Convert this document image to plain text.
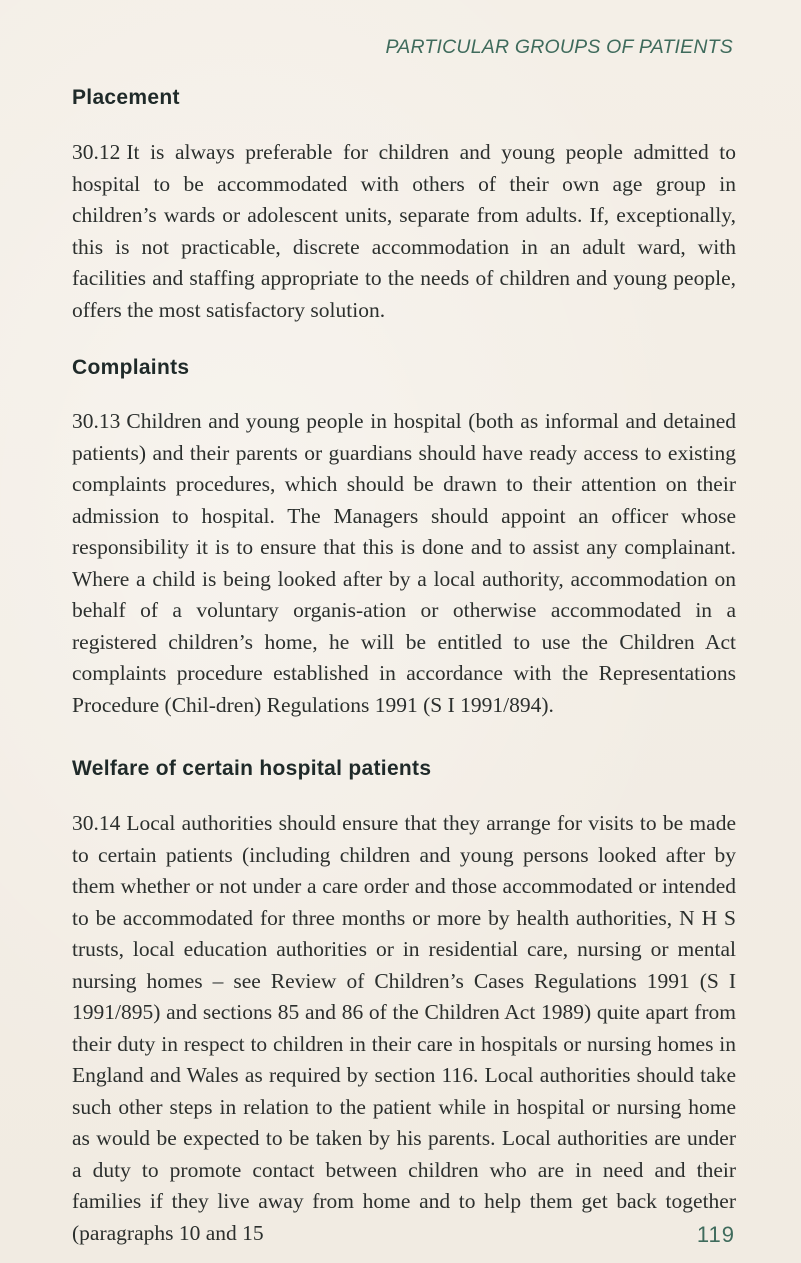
PARTICULAR GROUPS OF PATIENTS
Placement

30.12 It is always preferable for children and young people admitted to hospital to be accommodated with others of their own age group in children’s wards or adolescent units, separate from adults. If, exceptionally, this is not practicable, discrete accommodation in an adult ward, with facilities and staffing appropriate to the needs of children and young people, offers the most satisfactory solution.

Complaints

30.13 Children and young people in hospital (both as informal and detained patients) and their parents or guardians should have ready access to existing complaints procedures, which should be drawn to their attention on their admission to hospital. The Managers should appoint an officer whose responsibility it is to ensure that this is done and to assist any complainant. Where a child is being looked after by a local authority, accommodation on behalf of a voluntary organis-ation or otherwise accommodated in a registered children’s home, he will be entitled to use the Children Act complaints procedure established in accordance with the Representations Procedure (Chil-dren) Regulations 1991 (S I 1991/894).

Welfare of certain hospital patients

30.14 Local authorities should ensure that they arrange for visits to be made to certain patients (including children and young persons looked after by them whether or not under a care order and those accommodated or intended to be accommodated for three months or more by health authorities, N H S trusts, local education authorities or in residential care, nursing or mental nursing homes – see Review of Children’s Cases Regulations 1991 (S I 1991/895) and sections 85 and 86 of the Children Act 1989) quite apart from their duty in respect to children in their care in hospitals or nursing homes in England and Wales as required by section 116. Local authorities should take such other steps in relation to the patient while in hospital or nursing home as would be expected to be taken by his parents. Local authorities are under a duty to promote contact between children who are in need and their families if they live away from home and to help them get back together (paragraphs 10 and 15	119
